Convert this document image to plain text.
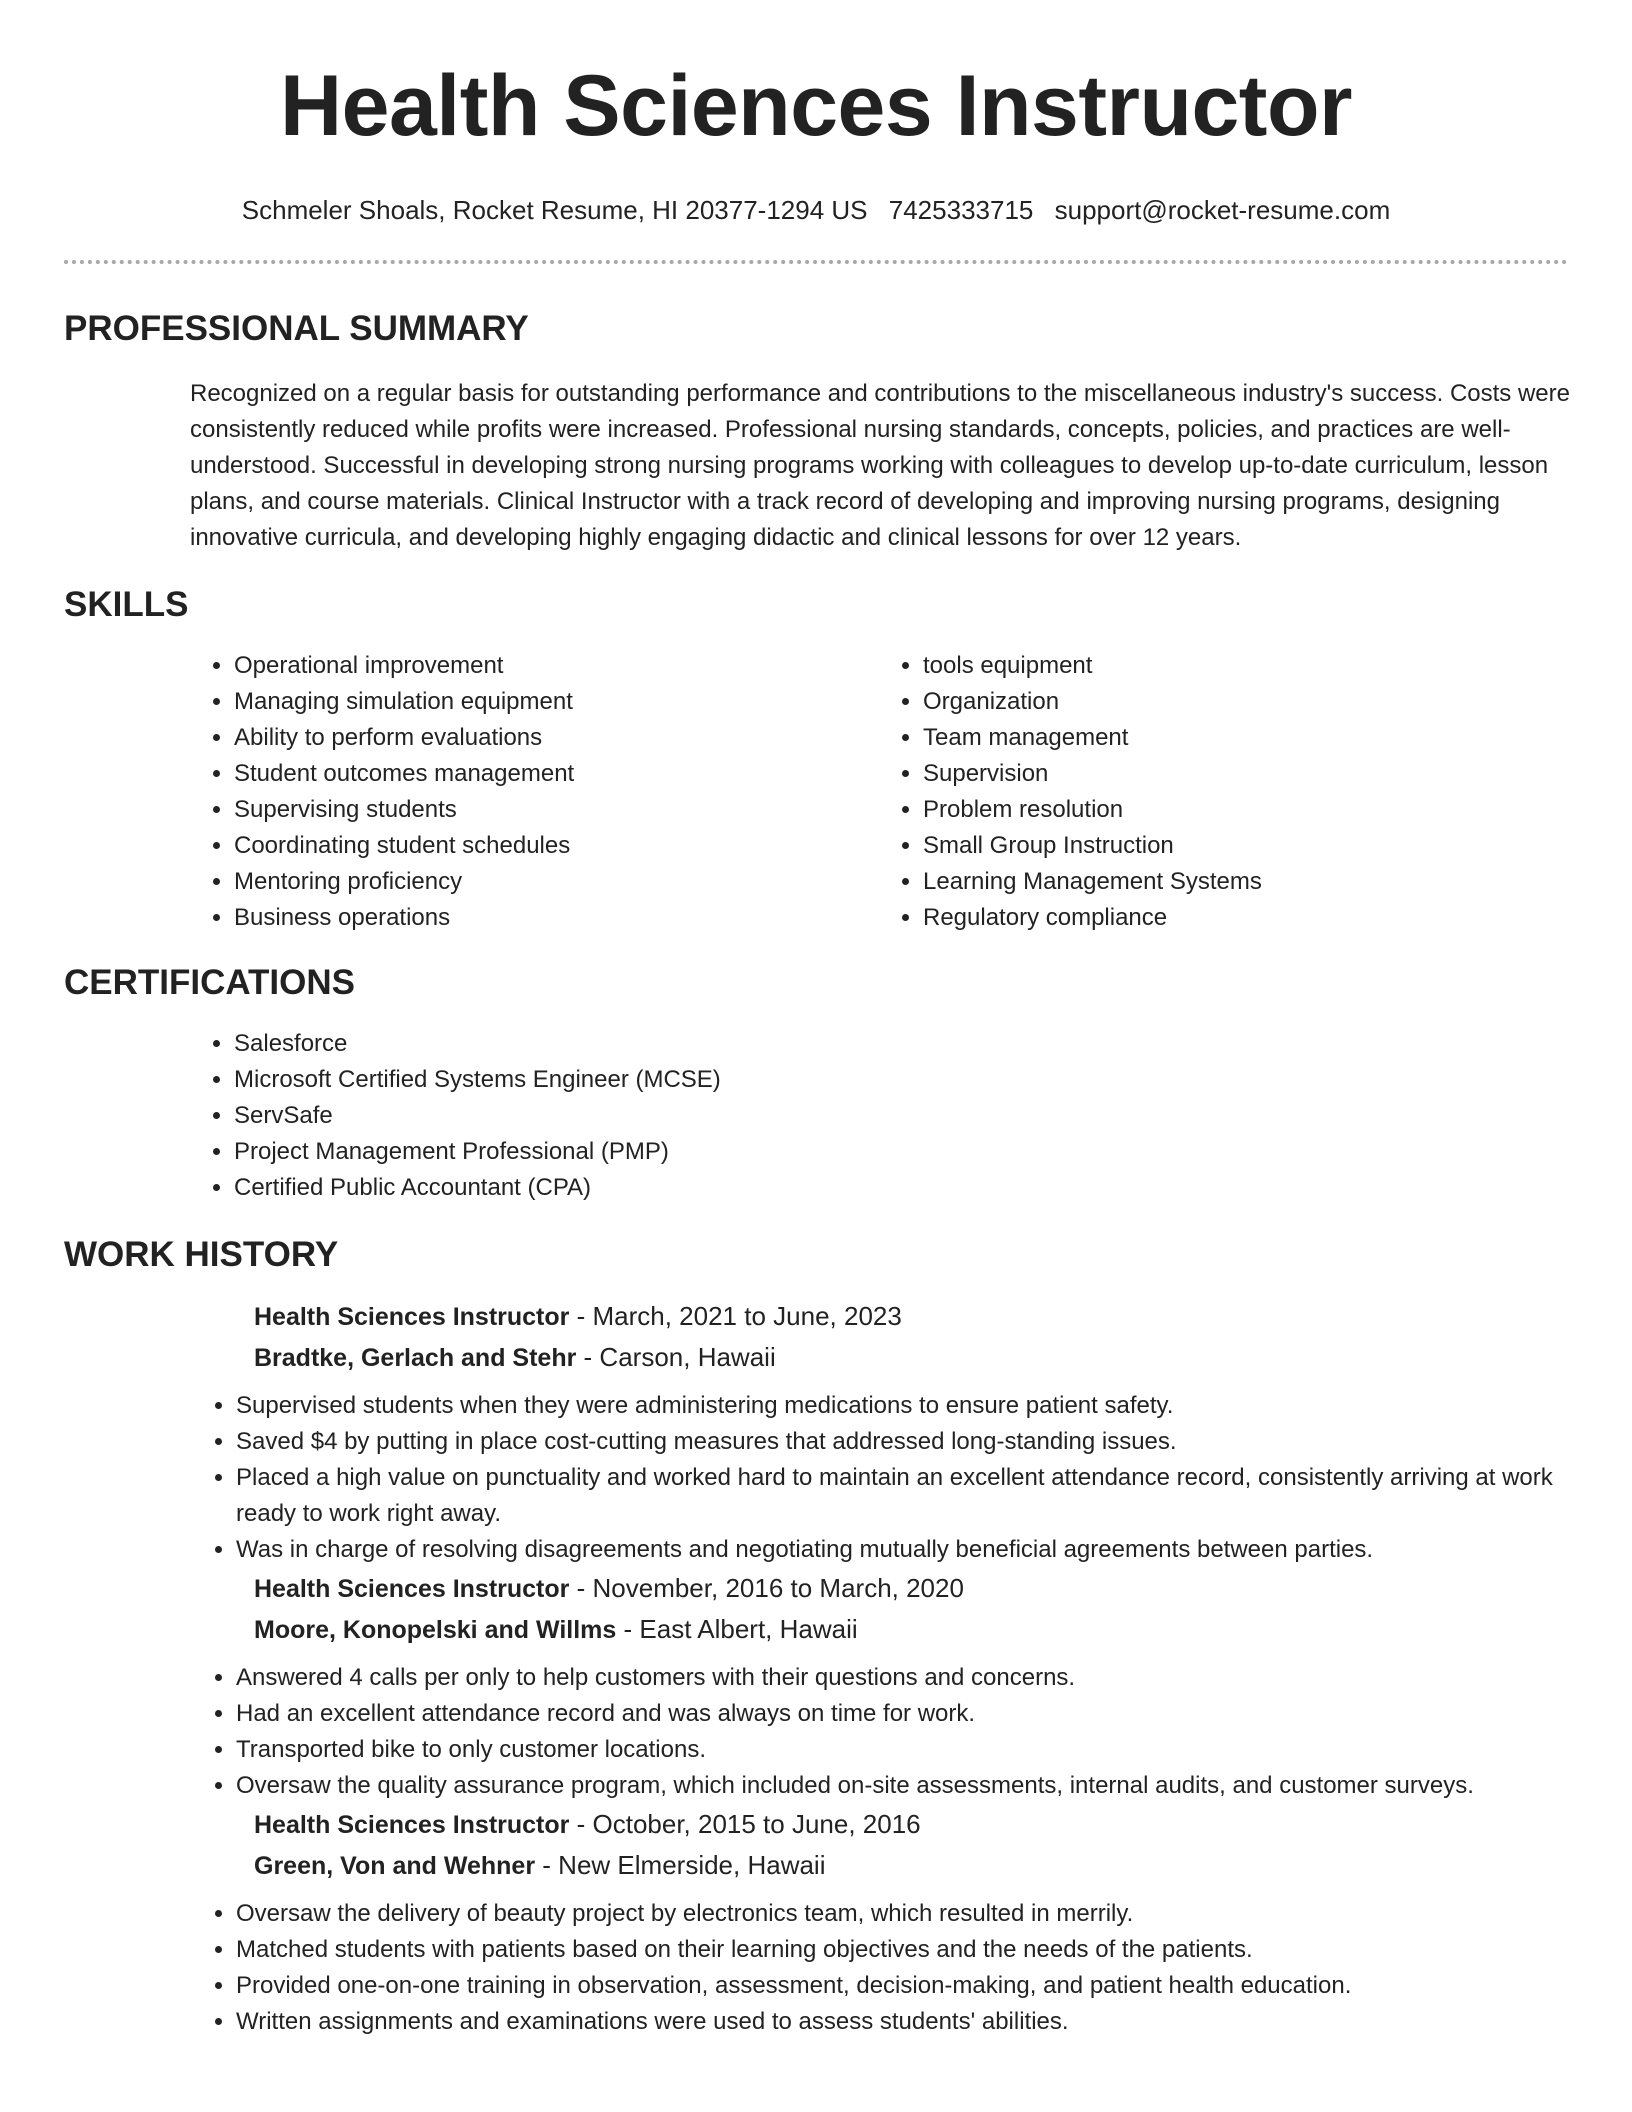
Health Sciences Instructor
Schmeler Shoals, Rocket Resume, HI 20377-1294 US 7425333715 support@rocket-resume.com
PROFESSIONAL SUMMARY

Recognized on a regular basis for outstanding performance and contributions to the miscellaneous industry's success. Costs were consistently reduced while profits were increased. Professional nursing standards, concepts, policies, and practices are well-understood. Successful in developing strong nursing programs working with colleagues to develop up-to-date curriculum, lesson plans, and course materials. Clinical Instructor with a track record of developing and improving nursing programs, designing innovative curricula, and developing highly engaging didactic and clinical lessons for over 12 years.

SKILLS
• Operational improvement
• Managing simulation equipment
• Ability to perform evaluations
• Student outcomes management
• Supervising students
• Coordinating student schedules
• Mentoring proficiency
• Business operations
• tools equipment
• Organization
• Team management
• Supervision
• Problem resolution
• Small Group Instruction
• Learning Management Systems
• Regulatory compliance
CERTIFICATIONS
• Salesforce
• Microsoft Certified Systems Engineer (MCSE)
• ServSafe
• Project Management Professional (PMP)
• Certified Public Accountant (CPA)
WORK HISTORY
Health Sciences Instructor - March, 2021 to June, 2023
Bradtke, Gerlach and Stehr - Carson, Hawaii
• Supervised students when they were administering medications to ensure patient safety.
• Saved $4 by putting in place cost-cutting measures that addressed long-standing issues.
• Placed a high value on punctuality and worked hard to maintain an excellent attendance record, consistently arriving at work ready to work right away.
• Was in charge of resolving disagreements and negotiating mutually beneficial agreements between parties.
Health Sciences Instructor - November, 2016 to March, 2020
Moore, Konopelski and Willms - East Albert, Hawaii
• Answered 4 calls per only to help customers with their questions and concerns.
• Had an excellent attendance record and was always on time for work.
• Transported bike to only customer locations.
• Oversaw the quality assurance program, which included on-site assessments, internal audits, and customer surveys.
Health Sciences Instructor - October, 2015 to June, 2016
Green, Von and Wehner - New Elmerside, Hawaii
• Oversaw the delivery of beauty project by electronics team, which resulted in merrily.
• Matched students with patients based on their learning objectives and the needs of the patients.
• Provided one-on-one training in observation, assessment, decision-making, and patient health education.
• Written assignments and examinations were used to assess students' abilities.
